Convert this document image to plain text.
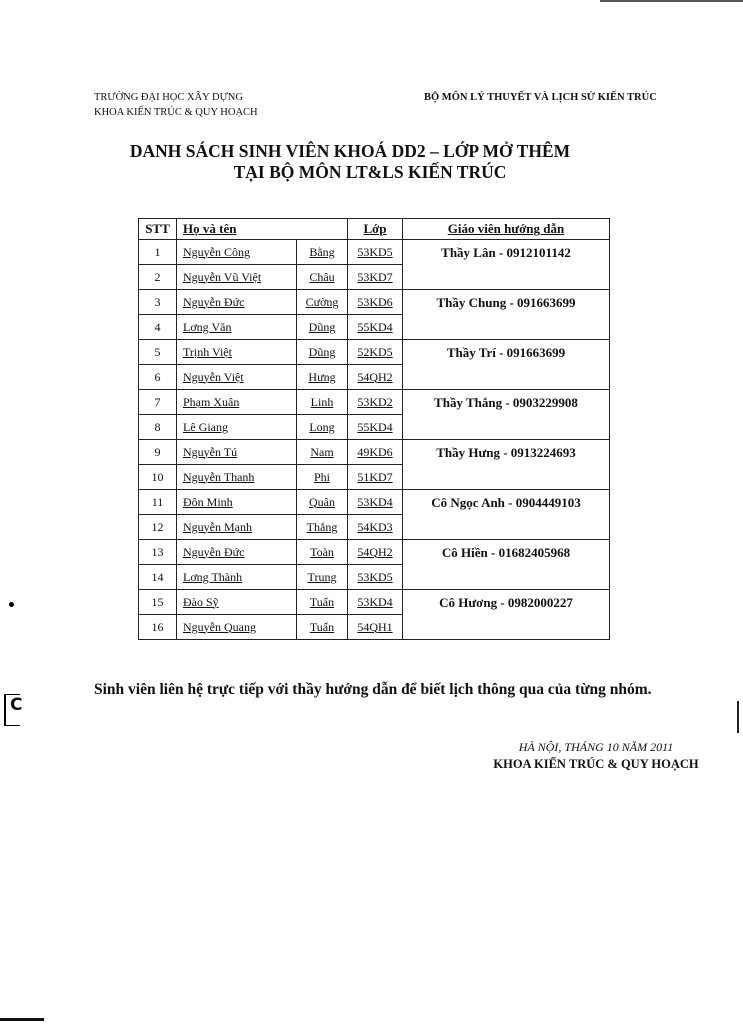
TRƯỜNG ĐẠI HỌC XÂY DỰNG
KHOA KIẾN TRÚC & QUY HOẠCH
BỘ MÔN LÝ THUYẾT VÀ LỊCH SỬ KIẾN TRÚC
DANH SÁCH SINH VIÊN KHOÁ DD2 – LỚP MỞ THÊM
TẠI BỘ MÔN LT&LS KIẾN TRÚC
STT	Họ và tên		Lớp	Giáo viên hướng dẫn
1	Nguyễn Công	Bằng	53KD5	Thầy Lân - 0912101142
2	Nguyễn Vũ Việt	Châu	53KD7	
3	Nguyễn Đức	Cường	53KD6	Thầy Chung - 091663699
4	Lơng Văn	Dũng	55KD4	
5	Trịnh Việt	Dũng	52KD5	Thầy Trí - 091663699
6	Nguyễn Việt	Hưng	54QH2	
7	Phạm Xuân	Linh	53KD2	Thầy Thắng - 0903229908
8	Lê Giang	Long	55KD4	
9	Nguyễn Tú	Nam	49KD6	Thầy Hưng - 0913224693
10	Nguyễn Thanh	Phi	51KD7	
11	Đôn Minh	Quân	53KD4	Cô Ngọc Anh - 0904449103
12	Nguyễn Mạnh	Thắng	54KD3	
13	Nguyễn Đức	Toàn	54QH2	Cô Hiền - 01682405968
14	Lơng Thành	Trung	53KD5	
15	Đào Sỹ	Tuấn	53KD4	Cô Hương - 0982000227
16	Nguyễn Quang	Tuấn	54QH1	
Sinh viên liên hệ trực tiếp với thầy hướng dẫn để biết lịch thông qua của từng nhóm.
HÀ NỘI, THÁNG 10 NĂM 2011
KHOA KIẾN TRÚC & QUY HOẠCH
C
